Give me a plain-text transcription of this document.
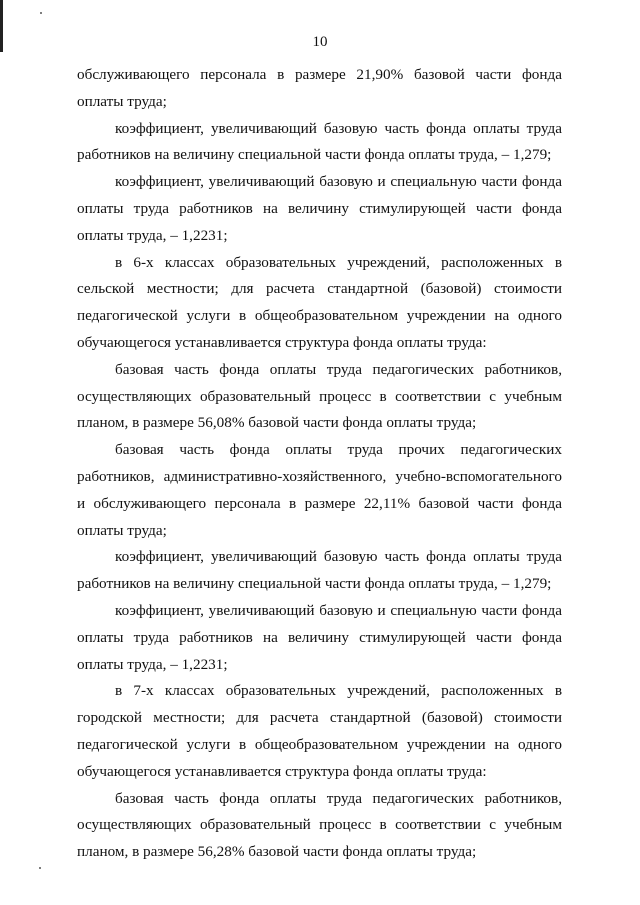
10

обслуживающего персонала в размере 21,90% базовой части фонда оплаты труда;

коэффициент, увеличивающий базовую часть фонда оплаты труда работников на величину специальной части фонда оплаты труда, – 1,279;

коэффициент, увеличивающий базовую и специальную части фонда оплаты труда работников на величину стимулирующей части фонда оплаты труда, – 1,2231;

в 6-х классах образовательных учреждений, расположенных в сельской местности; для расчета стандартной (базовой) стоимости педагогической услуги в общеобразовательном учреждении на одного обучающегося устанавливается структура фонда оплаты труда:

базовая часть фонда оплаты труда педагогических работников, осуществляющих образовательный процесс в соответствии с учебным планом, в размере 56,08% базовой части фонда оплаты труда;

базовая часть фонда оплаты труда прочих педагогических работников, административно-хозяйственного, учебно-вспомогательного и обслуживающего персонала в размере 22,11% базовой части фонда оплаты труда;

коэффициент, увеличивающий базовую часть фонда оплаты труда работников на величину специальной части фонда оплаты труда, – 1,279;

коэффициент, увеличивающий базовую и специальную части фонда оплаты труда работников на величину стимулирующей части фонда оплаты труда, – 1,2231;

в 7-х классах образовательных учреждений, расположенных в городской местности; для расчета стандартной (базовой) стоимости педагогической услуги в общеобразовательном учреждении на одного обучающегося устанавливается структура фонда оплаты труда:

базовая часть фонда оплаты труда педагогических работников, осуществляющих образовательный процесс в соответствии с учебным планом, в размере 56,28% базовой части фонда оплаты труда;
